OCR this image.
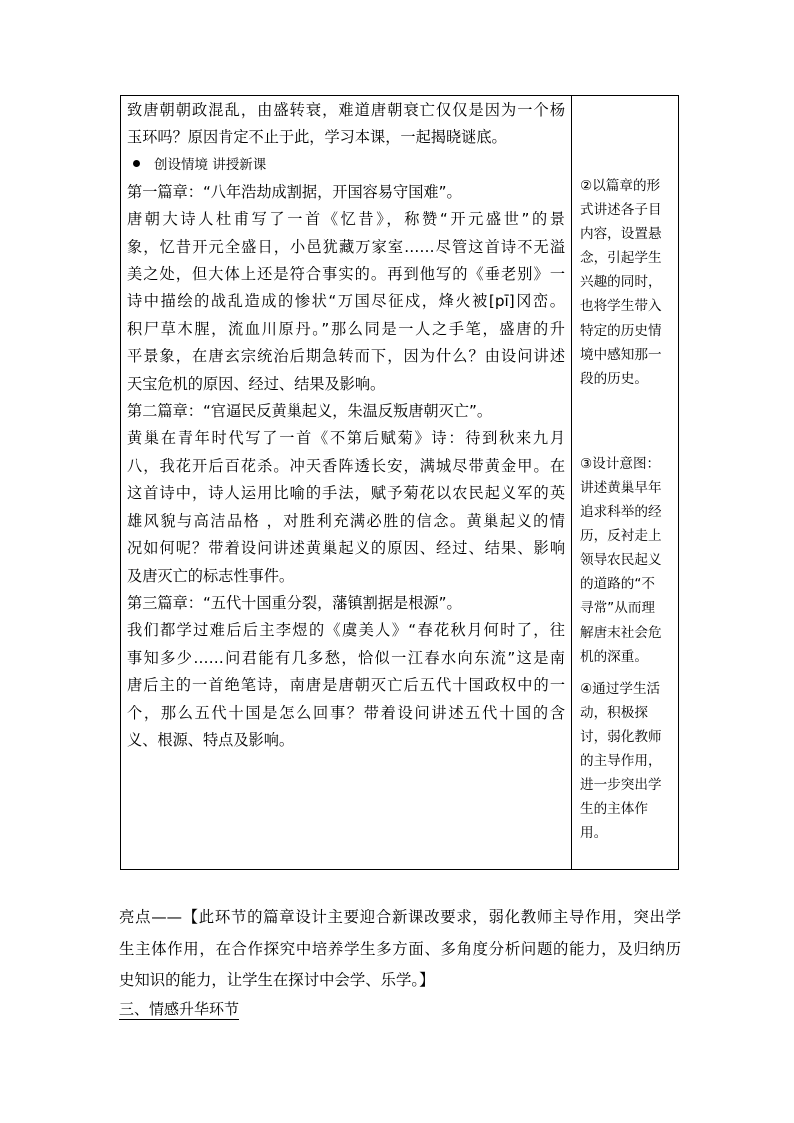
致唐朝朝政混乱，由盛转衰，难道唐朝衰亡仅仅是因为一个杨
玉环吗？原因肯定不止于此，学习本课，一起揭晓谜底。
创设情境 讲授新课
第一篇章：“八年浩劫成割据，开国容易守国难”。
唐朝大诗人杜甫写了一首《忆昔》，称赞“开元盛世”的景
象，忆昔开元全盛日，小邑犹藏万家室……尽管这首诗不无溢
美之处，但大体上还是符合事实的。再到他写的《垂老别》一
诗中描绘的战乱造成的惨状“万国尽征戍，烽火被[pī]冈峦。
积尸草木腥，流血川原丹。”那么同是一人之手笔，盛唐的升
平景象，在唐玄宗统治后期急转而下，因为什么？由设问讲述
天宝危机的原因、经过、结果及影响。
第二篇章：“官逼民反黄巢起义，朱温反叛唐朝灭亡”。
黄巢在青年时代写了一首《不第后赋菊》诗：待到秋来九月
八，我花开后百花杀。冲天香阵透长安，满城尽带黄金甲。在
这首诗中，诗人运用比喻的手法，赋予菊花以农民起义军的英
雄风貌与高洁品格 ，对胜利充满必胜的信念。黄巢起义的情
况如何呢？带着设问讲述黄巢起义的原因、经过、结果、影响
及唐灭亡的标志性事件。
第三篇章：“五代十国重分裂，藩镇割据是根源”。
我们都学过难后后主李煜的《虞美人》“春花秋月何时了，往
事知多少……问君能有几多愁，恰似一江春水向东流”这是南
唐后主的一首绝笔诗，南唐是唐朝灭亡后五代十国政权中的一
个，那么五代十国是怎么回事？带着设问讲述五代十国的含
义、根源、特点及影响。

②以篇章的形
式讲述各子目
内容，设置悬
念，引起学生
兴趣的同时，
也将学生带入
特定的历史情
境中感知那一
段的历史。
③设计意图：
讲述黄巢早年
追求科举的经
历，反衬走上
领导农民起义
的道路的“不
寻常”从而理
解唐末社会危
机的深重。
④通过学生活
动，积极探
讨，弱化教师
的主导作用，
进一步突出学
生的主体作
用。
亮点——【此环节的篇章设计主要迎合新课改要求，弱化教师主导作用，突出学
生主体作用，在合作探究中培养学生多方面、多角度分析问题的能力，及归纳历
史知识的能力，让学生在探讨中会学、乐学。】
三、情感升华环节
